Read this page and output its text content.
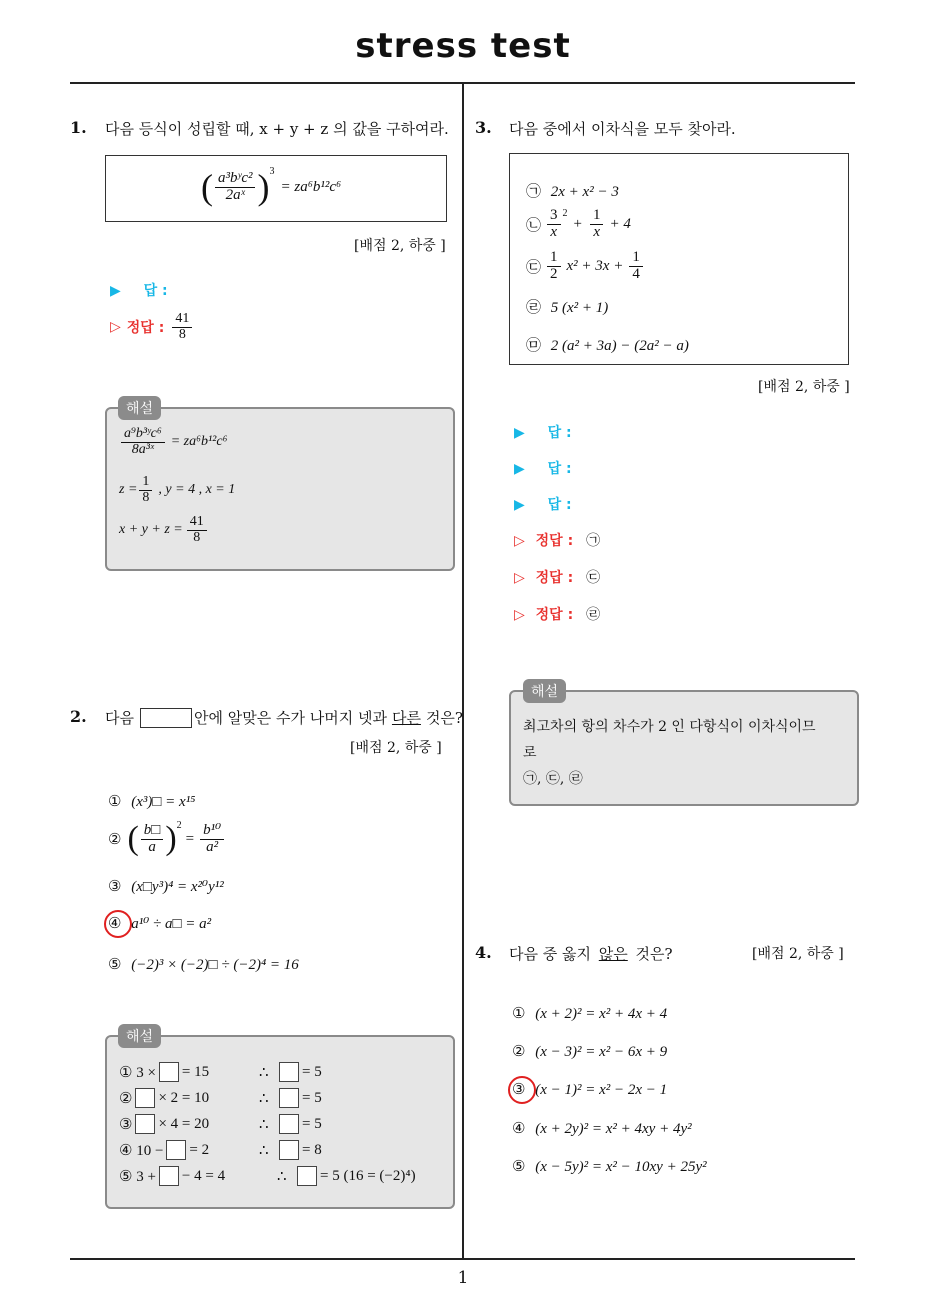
stress test
1
1. 다음 등식이 성립할 때, x + y + z 의 값을 구하여라.
( $\frac{\text{a³bʸc²}}{\text{2aˣ}} )^3$
= za⁶b¹²c⁶
[배점 2, 하중 ]
▶ 답 :
▷ 정답 : $\frac{41}{8}$
$\frac{\text{a⁹b³ʸc⁶}}{\text{8a³ˣ}} = za^6b^{12}c^6$
$z = \frac{1}{8}$ , y = 4 , x = 1
$x + y + z = \frac{41}{8}$
해설
2. 다음	안에 알맞은 수가 나머지 넷과 다른 것은?
[배점 2, 하중 ]
① (x³)□ = x¹⁵
② ( $\frac{b□}{a} )^2$
= $\frac{\text{b¹⁰}}{\text{a²}}$
③ (x□y³)⁴ = x²⁰y¹²
④ a¹⁰ ÷ a□ = a²
⑤ (−2)³ × (−2)□ ÷ (−2)⁴ = 16
① 3 × = 15	∴ = 5
② × 2 = 10	∴ = 5
③ × 4 = 20	∴ = 5
④ 10 − = 2	∴ = 8
⑤ 3 + − 4 = 4	∴ = 5 (16 = (−2)⁴)
해설
3. 다음 중에서 이차식을 모두 찾아라.
㉠ 2x + x² − 3
㉡ $\frac{3}{x}^2$
+ $\frac{1}{x} + 4$
㉢ $\frac{1}{2} x^2 + 3x + \frac{1}{4}$
㉣ 5 (x² + 1)
㉤ 2 (a² + 3a) − (2a² − a)
[배점 2, 하중 ]
▶ 답 :
▶ 답 :
▶ 답 :
▷ 정답 : ㉠
▷ 정답 : ㉢
▷ 정답 : ㉣
최고차의 항의 차수가 2 인 다항식이 이차식이므
로
㉠, ㉢, ㉣
해설
4. 다음 중 옳지 않은 것은?	[배점 2, 하중 ]
① (x + 2)² = x² + 4x + 4
② (x − 3)² = x² − 6x + 9
③ (x − 1)² = x² − 2x − 1
④ (x + 2y)² = x² + 4xy + 4y²
⑤ (x − 5y)² = x² − 10xy + 25y²
